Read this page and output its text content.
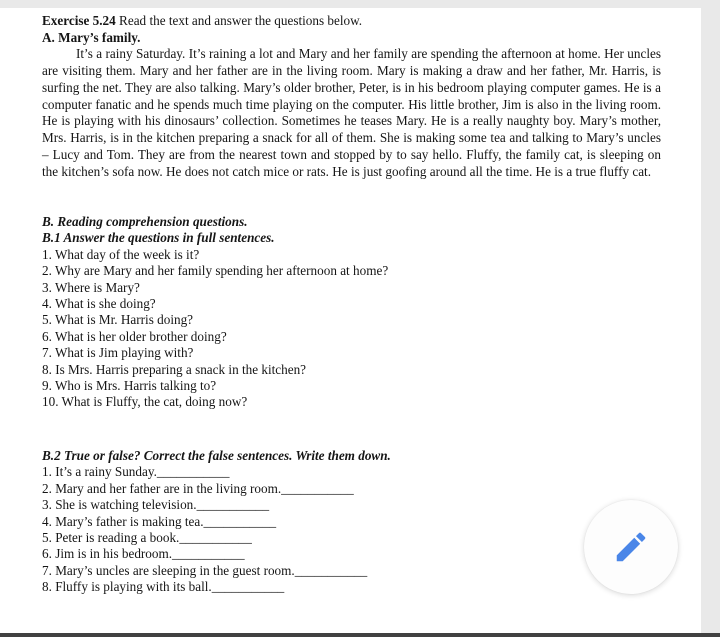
Exercise 5.24 Read the text and answer the questions below.

A. Mary’s family.

It’s a rainy Saturday. It’s raining a lot and Mary and her family are spending the afternoon at home. Her uncles are visiting them. Mary and her father are in the living room. Mary is making a draw and her father, Mr. Harris, is surfing the net. They are also talking. Mary’s older brother, Peter, is in his bedroom playing computer games. He is a computer fanatic and he spends much time playing on the computer. His little brother, Jim is also in the living room. He is playing with his dinosaurs’ collection. Sometimes he teases Mary. He is a really naughty boy. Mary’s mother, Mrs. Harris, is in the kitchen preparing a snack for all of them. She is making some tea and talking to Mary’s uncles – Lucy and Tom. They are from the nearest town and stopped by to say hello. Fluffy, the family cat, is sleeping on the kitchen’s sofa now. He does not catch mice or rats. He is just goofing around all the time. He is a true fluffy cat.

B. Reading comprehension questions.

B.1 Answer the questions in full sentences.

1. What day of the week is it?

2. Why are Mary and her family spending her afternoon at home?

3. Where is Mary?

4. What is she doing?

5. What is Mr. Harris doing?

6. What is her older brother doing?

7. What is Jim playing with?

8. Is Mrs. Harris preparing a snack in the kitchen?

9. Who is Mrs. Harris talking to?

10. What is Fluffy, the cat, doing now?

B.2 True or false? Correct the false sentences. Write them down.

1. It’s a rainy Sunday.___________

2. Mary and her father are in the living room.___________

3. She is watching television.___________

4. Mary’s father is making tea.___________

5. Peter is reading a book.___________

6. Jim is in his bedroom.___________

7. Mary’s uncles are sleeping in the guest room.___________

8. Fluffy is playing with its ball.___________
